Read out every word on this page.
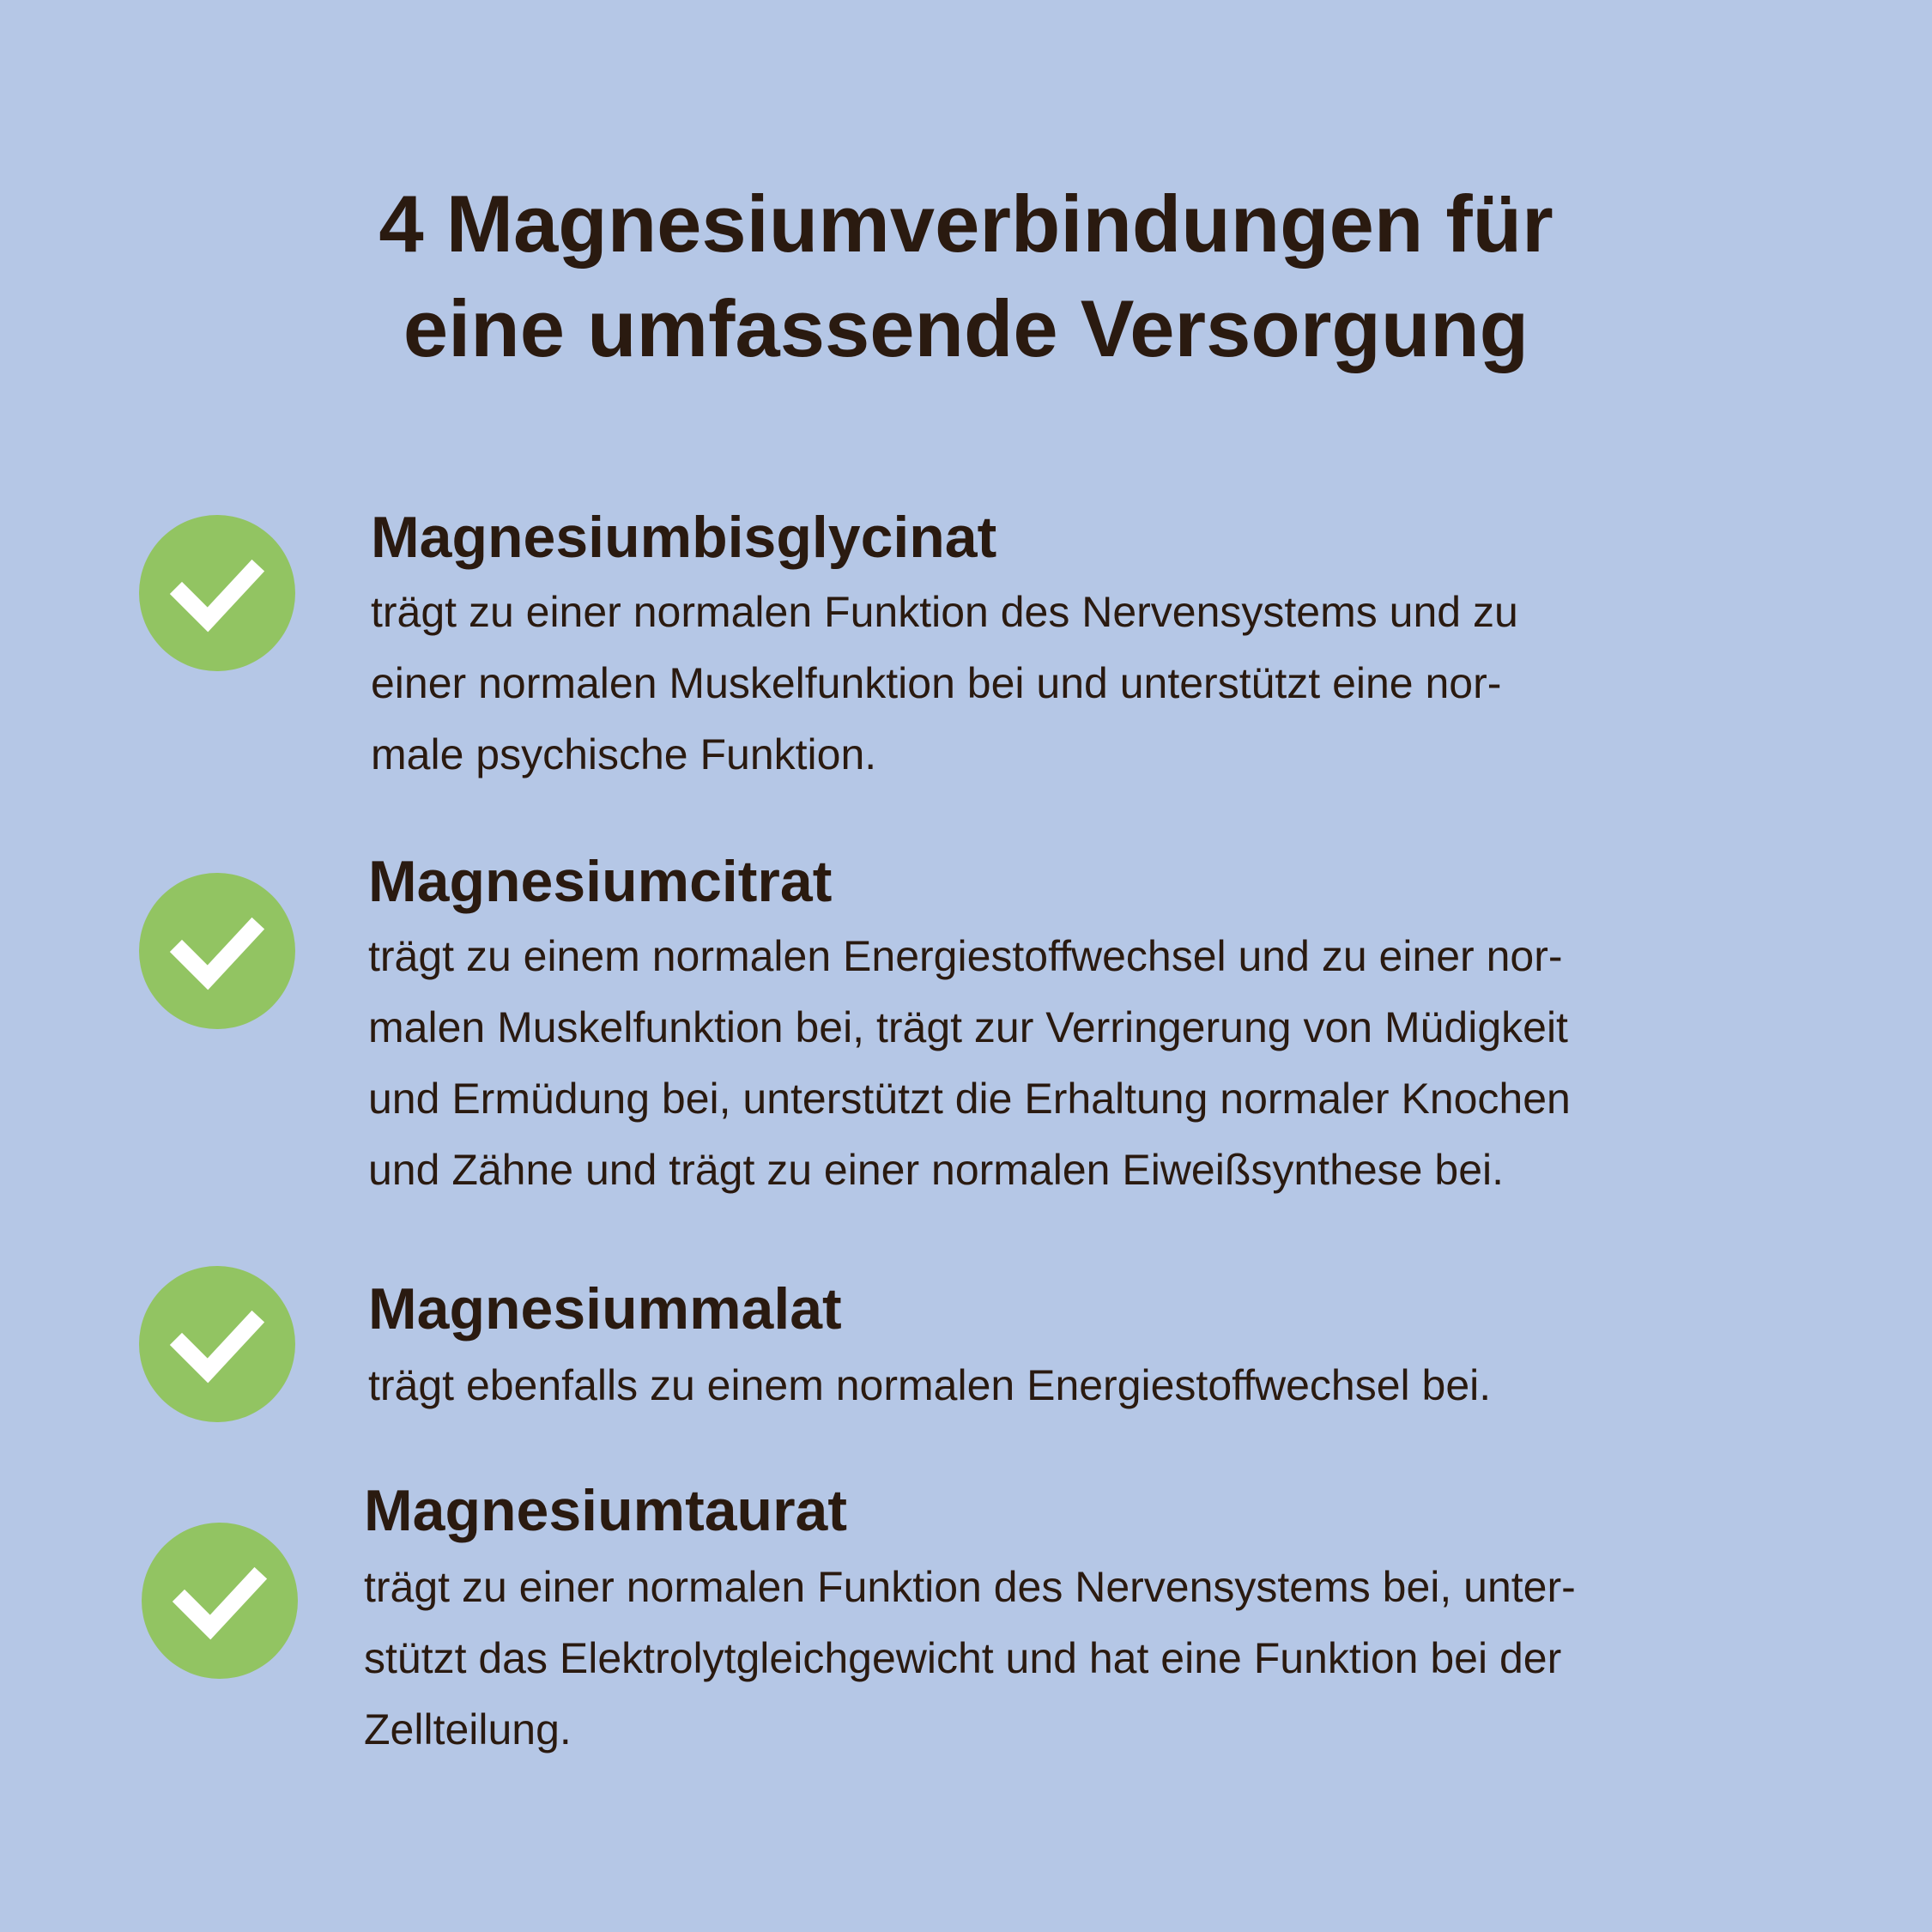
4 Magnesiumverbindungen für
eine umfassende Versorgung
Magnesiumbisglycinat

trägt zu einer normalen Funktion des Nervensystems und zu
einer normalen Muskelfunktion bei und unterstützt eine nor-
male psychische Funktion.

Magnesiumcitrat

trägt zu einem normalen Energiestoffwechsel und zu einer nor-
malen Muskelfunktion bei, trägt zur Verringerung von Müdigkeit
und Ermüdung bei, unterstützt die Erhaltung normaler Knochen
und Zähne und trägt zu einer normalen Eiweißsynthese bei.

Magnesiummalat

trägt ebenfalls zu einem normalen Energiestoffwechsel bei.

Magnesiumtaurat

trägt zu einer normalen Funktion des Nervensystems bei, unter-
stützt das Elektrolytgleichgewicht und hat eine Funktion bei der
Zellteilung.
